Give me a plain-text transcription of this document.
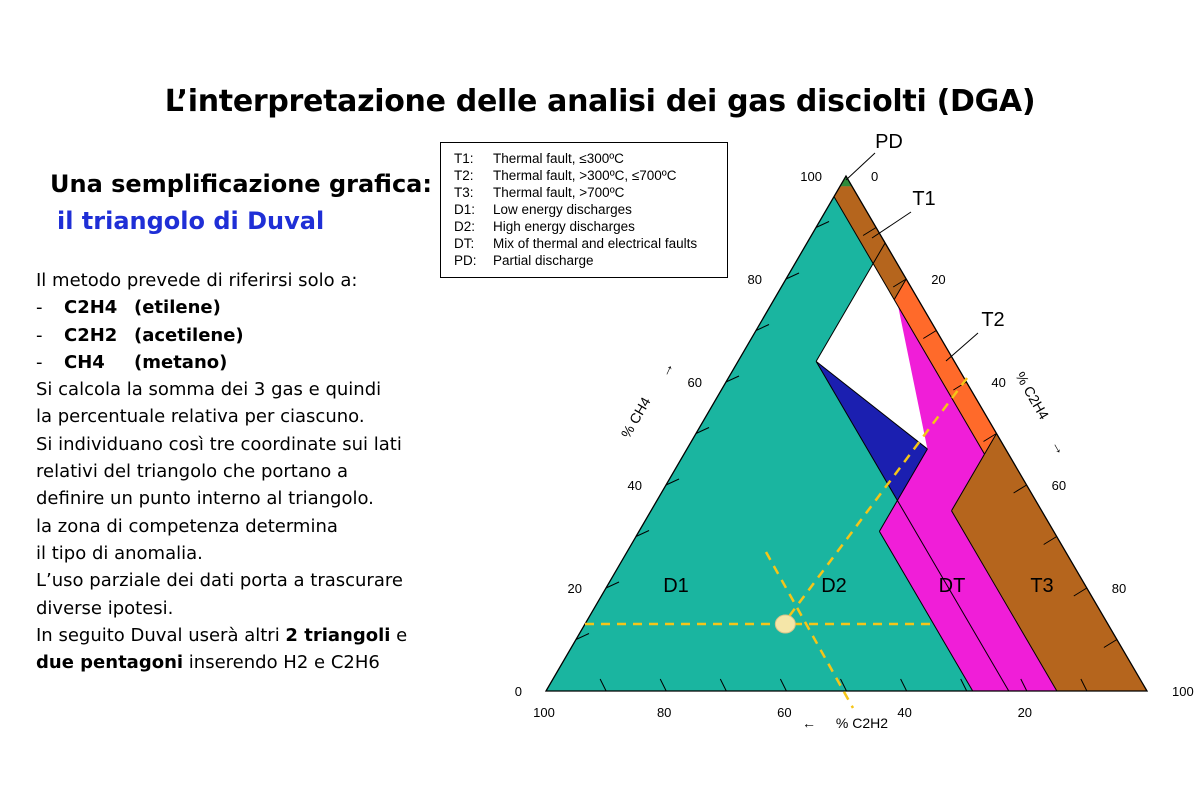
L’interpretazione delle analisi dei gas disciolti (DGA)
Una semplificazione grafica:
il triangolo di Duval
Il metodo prevede di riferirsi solo a:
- C2H4 (etilene)
- C2H2 (acetilene)
- CH4 (metano)
Si calcola la somma dei 3 gas e quindi
la percentuale relativa per ciascuno.
Si individuano così tre coordinate sui lati
relativi del triangolo che portano a
definire un punto interno al triangolo.
la zona di competenza determina
il tipo di anomalia.
L’uso parziale dei dati porta a trascurare
diverse ipotesi.
In seguito Duval userà altri 2 triangoli e
due pentagoni inserendo H2 e C2H6
0
20
40
60
80
100	0
20
40
60
80
100
100	80	60	40	20
% CH4
↑	% C2H4
↓
← % C2H2
D1	D2	DT	T3
PD
T1
T2
T1: Thermal fault, ≤300ºC
T2: Thermal fault, >300ºC, ≤700ºC
T3: Thermal fault, >700ºC
D1: Low energy discharges
D2: High energy discharges
DT: Mix of thermal and electrical faults
PD: Partial discharge
